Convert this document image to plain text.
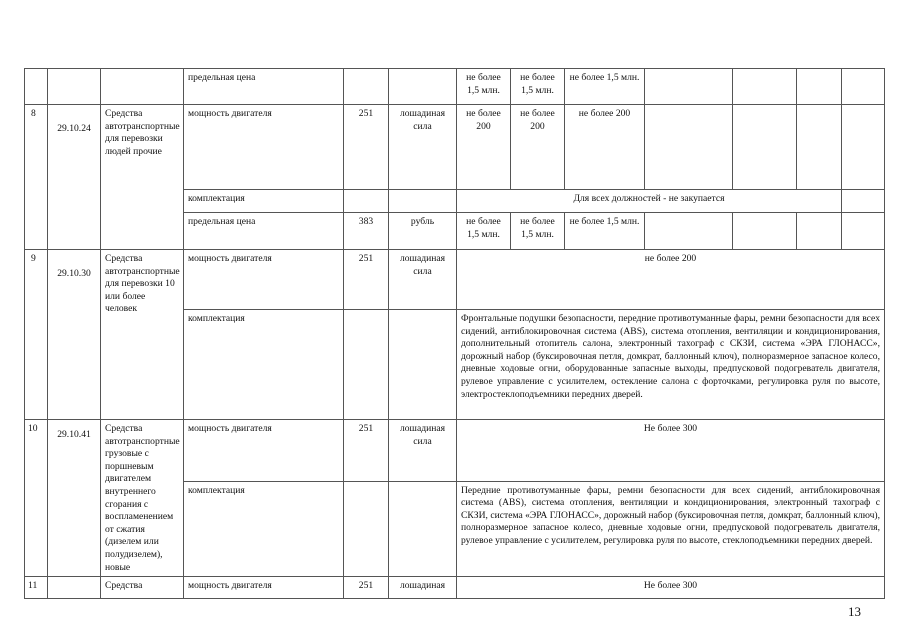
			предельная цена			не более 1,5 млн.	не более 1,5 млн.	не более 1,5 млн.					
8	29.10.24	Средства автотранспортные для перевозки людей прочие	мощность двигателя	251	лошадиная сила	не более 200	не более 200	не более 200					
			комплектация			Для всех должностей - не закупается							
			предельная цена	383	рубль	не более 1,5 млн.	не более 1,5 млн.	не более 1,5 млн.					
9	29.10.30	Средства автотранспортные для перевозки 10 или более человек	мощность двигателя	251	лошадиная сила	не более 200							
			комплектация			Фронтальные подушки безопасности, передние противотуманные фары, ремни безопасности для всех сидений, антиблокировочная система (ABS), система отопления, вентиляции и кондиционирования, дополнительный отопитель салона, электронный тахограф с СКЗИ, система «ЭРА ГЛОНАСС», дорожный набор (буксировочная петля, домкрат, баллонный ключ), полноразмерное запасное колесо, дневные ходовые огни, оборудованные запасные выходы, предпусковой подогреватель двигателя, рулевое управление с усилителем, остекление салона с форточками, регулировка руля по высоте, электростеклоподъемники передних дверей.							
10	29.10.41	Средства автотранспортные грузовые с поршневым двигателем внутреннего сгорания с воспламенением от сжатия (дизелем или полудизелем), новые	мощность двигателя	251	лошадиная сила	Не более 300							
			комплектация			Передние противотуманные фары, ремни безопасности для всех сидений, антиблокировочная система (ABS), система отопления, вентиляции и кондиционирования, электронный тахограф с СКЗИ, система «ЭРА ГЛОНАСС», дорожный набор (буксировочная петля, домкрат, баллонный ключ), полноразмерное запасное колесо, дневные ходовые огни, предпусковой подогреватель двигателя, рулевое управление с усилителем, регулировка руля по высоте, стеклоподъемники передних дверей.							
11		Средства	мощность двигателя	251	лошадиная	Не более 300							
13
